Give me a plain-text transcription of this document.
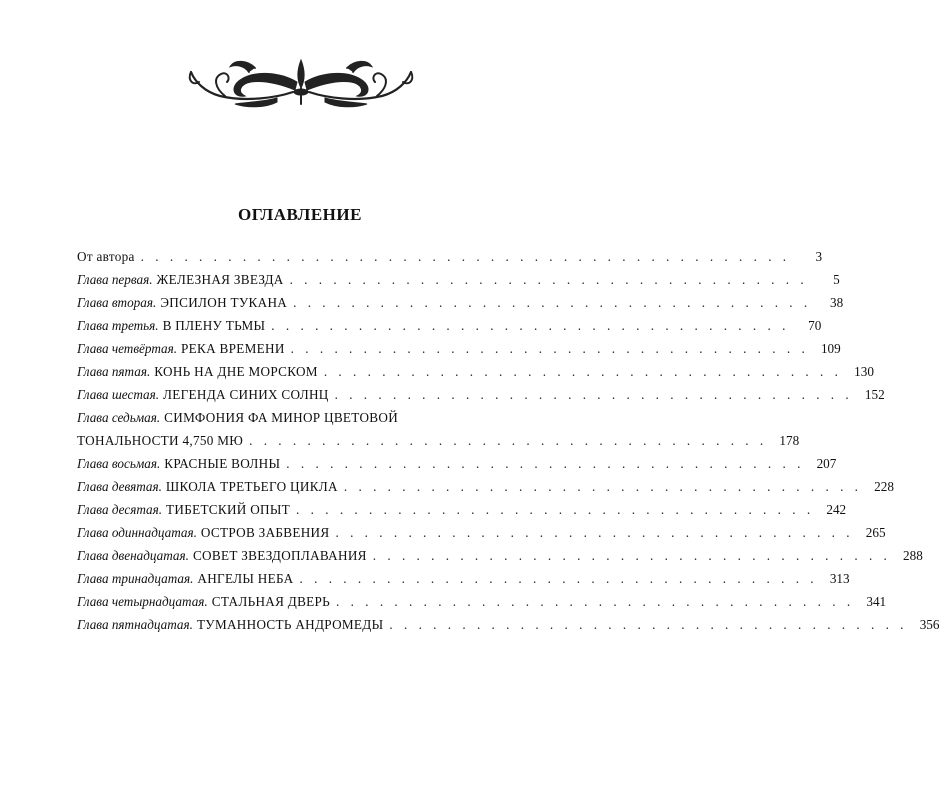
ОГЛАВЛЕНИЕ
От автора . . . . . . . . . . . . . . . . . . . . . . . . . . . . . . . . . . . . . . . . . . . . .	3
Глава первая. ЖЕЛЕЗНАЯ ЗВЕЗДА . . . . . . . . . . . . . . . . . . . . . . . . . . . . . . . . . . . .	5
Глава вторая. ЭПСИЛОН ТУКАНА . . . . . . . . . . . . . . . . . . . . . . . . . . . . . . . . . . . .	38
Глава третья. В ПЛЕНУ ТЬМЫ . . . . . . . . . . . . . . . . . . . . . . . . . . . . . . . . . . . .	70
Глава четвёртая. РЕКА ВРЕМЕНИ . . . . . . . . . . . . . . . . . . . . . . . . . . . . . . . . . . . . 109
Глава пятая. КОНЬ НА ДНЕ МОРСКОМ . . . . . . . . . . . . . . . . . . . . . . . . . . . . . . . . . . . . 130
Глава шестая. ЛЕГЕНДА СИНИХ СОЛНЦ . . . . . . . . . . . . . . . . . . . . . . . . . . . . . . . . . . . . 152
Глава седьмая. СИМФОНИЯ ФА МИНОР ЦВЕТОВОЙ
ТОНАЛЬНОСТИ 4,750 МЮ . . . . . . . . . . . . . . . . . . . . . . . . . . . . . . . . . . . . 178
Глава восьмая. КРАСНЫЕ ВОЛНЫ . . . . . . . . . . . . . . . . . . . . . . . . . . . . . . . . . . . . 207
Глава девятая. ШКОЛА ТРЕТЬЕГО ЦИКЛА . . . . . . . . . . . . . . . . . . . . . . . . . . . . . . . . . . . . 228
Глава десятая. ТИБЕТСКИЙ ОПЫТ . . . . . . . . . . . . . . . . . . . . . . . . . . . . . . . . . . . . 242
Глава одиннадцатая. ОСТРОВ ЗАБВЕНИЯ . . . . . . . . . . . . . . . . . . . . . . . . . . . . . . . . . . . . 265
Глава двенадцатая. СОВЕТ ЗВЕЗДОПЛАВАНИЯ . . . . . . . . . . . . . . . . . . . . . . . . . . . . . . . . . . . . 288
Глава тринадцатая. АНГЕЛЫ НЕБА . . . . . . . . . . . . . . . . . . . . . . . . . . . . . . . . . . . . 313
Глава четырнадцатая. СТАЛЬНАЯ ДВЕРЬ . . . . . . . . . . . . . . . . . . . . . . . . . . . . . . . . . . . . 341
Глава пятнадцатая. ТУМАННОСТЬ АНДРОМЕДЫ . . . . . . . . . . . . . . . . . . . . . . . . . . . . . . . . . . . . 356
